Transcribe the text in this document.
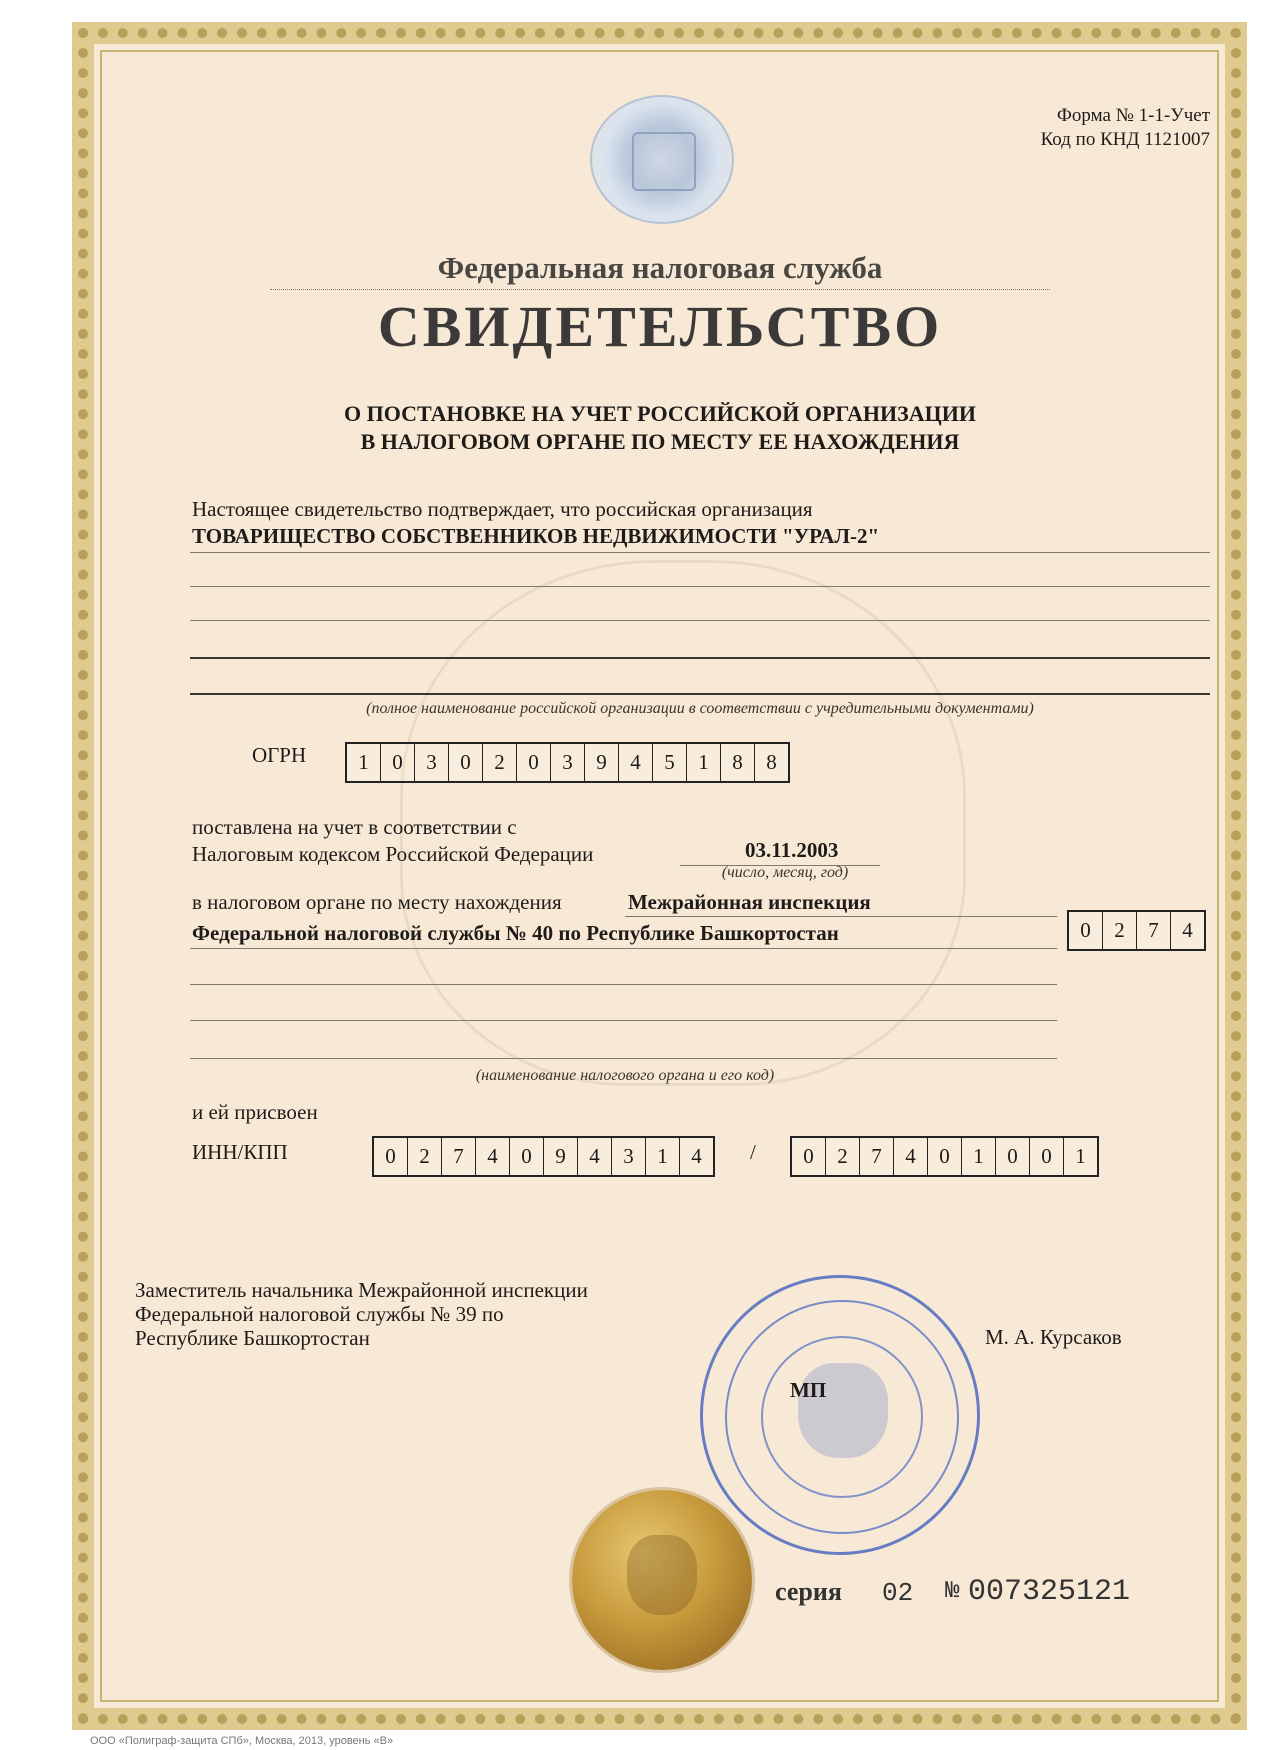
Форма № 1-1-Учет
Код по КНД 1121007
Федеральная налоговая служба
СВИДЕТЕЛЬСТВО
О ПОСТАНОВКЕ НА УЧЕТ РОССИЙСКОЙ ОРГАНИЗАЦИИ
В НАЛОГОВОМ ОРГАНЕ ПО МЕСТУ ЕЕ НАХОЖДЕНИЯ
Настоящее свидетельство подтверждает, что российская организация
ТОВАРИЩЕСТВО СОБСТВЕННИКОВ НЕДВИЖИМОСТИ "УРАЛ-2"
(полное наименование российской организации в соответствии с учредительными документами)
ОГРН	1	0	3	0	2	0	3	9	4	5	1	8	8
поставлена на учет в соответствии с
Налоговым кодексом Российской Федерации	03.11.2003
(число, месяц, год)
в налоговом органе по месту нахождения	Межрайонная инспекция
Федеральной налоговой службы № 40 по Республике Башкортостан	0	2	7	4
(наименование налогового органа и его код)
и ей присвоен
ИНН/КПП	0	2	7	4	0	9	4	3	1	4	/	0	2	7	4	0	1	0	0	1
Заместитель начальника Межрайонной инспекции
Федеральной налоговой службы № 39 по
Республике Башкортостан	М. А. Курсаков
МП
серия 02 № 007325121
ООО «Полиграф-защита СПб», Москва, 2013, уровень «В»
